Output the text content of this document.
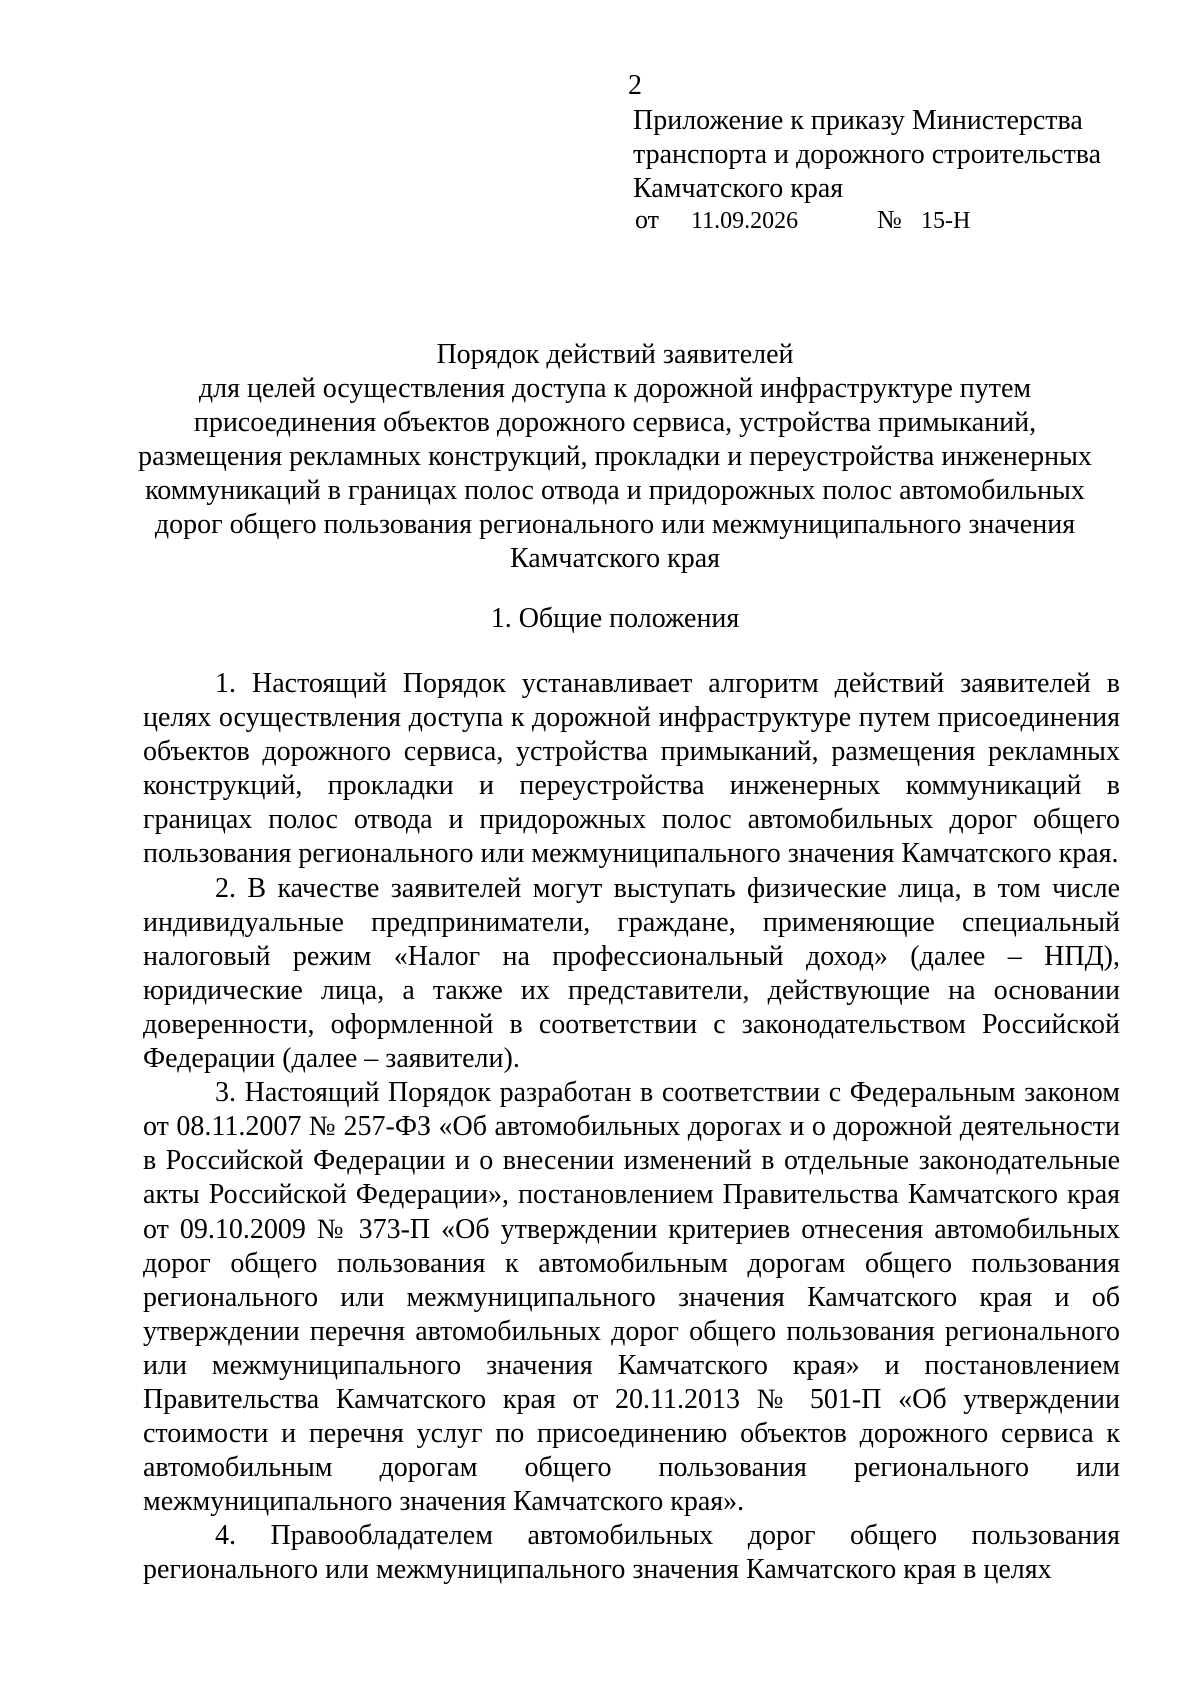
2
Приложение к приказу Министерства
транспорта и дорожного строительства
Камчатского края
от 11.09.2026	№ 15-Н
Порядок действий заявителей
для целей осуществления доступа к дорожной инфраструктуре путем
присоединения объектов дорожного сервиса, устройства примыканий,
размещения рекламных конструкций, прокладки и переустройства инженерных
коммуникаций в границах полос отвода и придорожных полос автомобильных
дорог общего пользования регионального или межмуниципального значения
Камчатского края
1. Общие положения

1. Настоящий Порядок устанавливает алгоритм действий заявителей в целях осуществления доступа к дорожной инфраструктуре путем присоединения объектов дорожного сервиса, устройства примыканий, размещения рекламных конструкций, прокладки и переустройства инженерных коммуникаций в границах полос отвода и придорожных полос автомобильных дорог общего пользования регионального или межмуниципального значения Камчатского края.

2. В качестве заявителей могут выступать физические лица, в том числе индивидуальные предприниматели, граждане, применяющие специальный налоговый режим «Налог на профессиональный доход» (далее – НПД), юридические лица, а также их представители, действующие на основании доверенности, оформленной в соответствии с законодательством Российской Федерации (далее – заявители).

3. Настоящий Порядок разработан в соответствии с Федеральным законом от 08.11.2007 № 257-ФЗ «Об автомобильных дорогах и о дорожной деятельности в Российской Федерации и о внесении изменений в отдельные законодательные акты Российской Федерации», постановлением Правительства Камчатского края от 09.10.2009 № 373-П «Об утверждении критериев отнесения автомобильных дорог общего пользования к автомобильным дорогам общего пользования регионального или межмуниципального значения Камчатского края и об утверждении перечня автомобильных дорог общего пользования регионального или межмуниципального значения Камчатского края» и постановлением Правительства Камчатского края от 20.11.2013 № 501-П «Об утверждении стоимости и перечня услуг по присоединению объектов дорожного сервиса к автомобильным дорогам общего пользования регионального или межмуниципального значения Камчатского края».

4. Правообладателем автомобильных дорог общего пользования регионального или межмуниципального значения Камчатского края в целях
